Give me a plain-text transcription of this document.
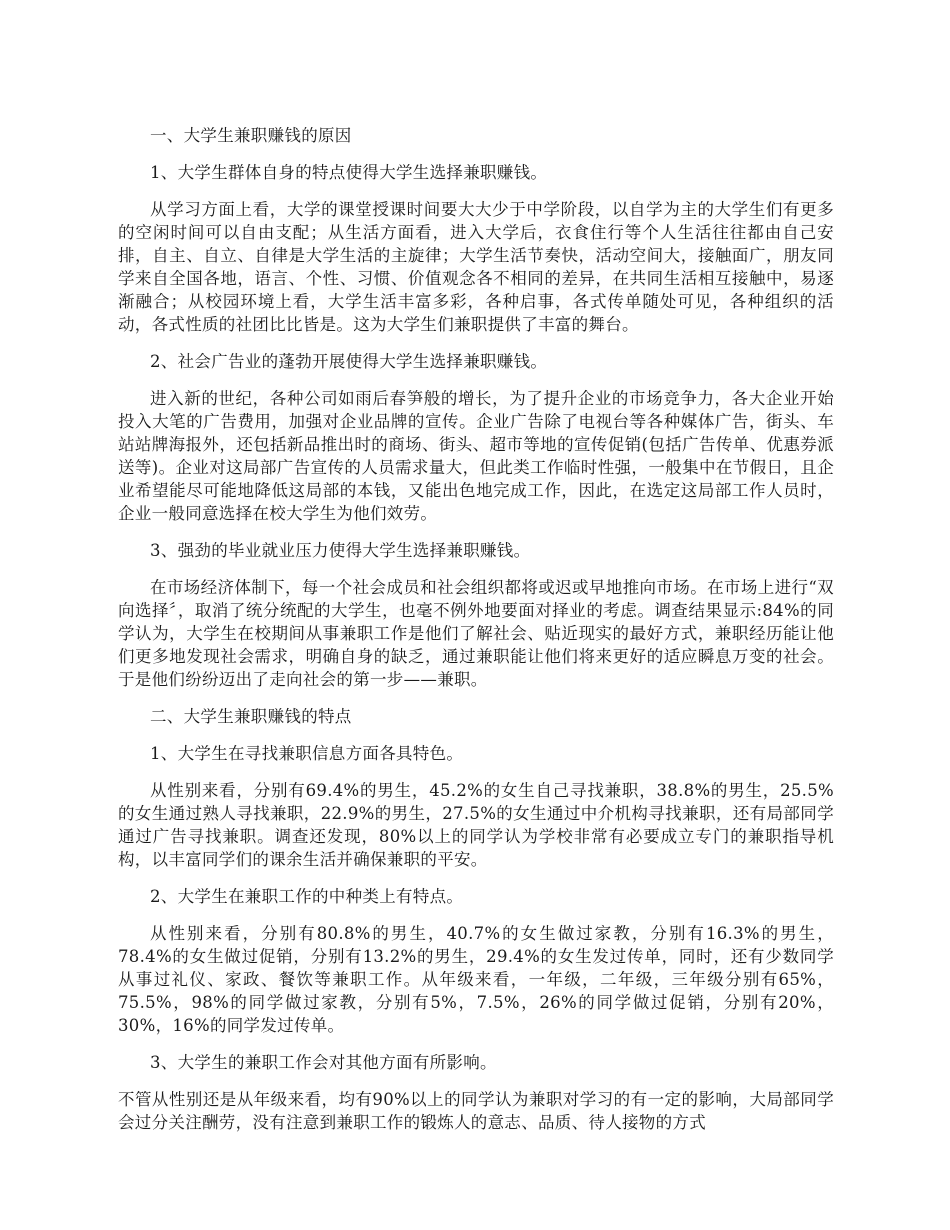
一、大学生兼职赚钱的原因

1、大学生群体自身的特点使得大学生选择兼职赚钱。

从学习方面上看，大学的课堂授课时间要大大少于中学阶段，以自学为主的大学生们有更多的空闲时间可以自由支配；从生活方面看，进入大学后，衣食住行等个人生活往往都由自己安排，自主、自立、自律是大学生活的主旋律；大学生活节奏快，活动空间大，接触面广，朋友同学来自全国各地，语言、个性、习惯、价值观念各不相同的差异，在共同生活相互接触中，易逐渐融合；从校园环境上看，大学生活丰富多彩，各种启事，各式传单随处可见，各种组织的活动，各式性质的社团比比皆是。这为大学生们兼职提供了丰富的舞台。

2、社会广告业的蓬勃开展使得大学生选择兼职赚钱。

进入新的世纪，各种公司如雨后春笋般的增长，为了提升企业的市场竞争力，各大企业开始投入大笔的广告费用，加强对企业品牌的宣传。企业广告除了电视台等各种媒体广告，街头、车站站牌海报外，还包括新品推出时的商场、街头、超市等地的宣传促销(包括广告传单、优惠券派送等)。企业对这局部广告宣传的人员需求量大，但此类工作临时性强，一般集中在节假日，且企业希望能尽可能地降低这局部的本钱，又能出色地完成工作，因此，在选定这局部工作人员时，企业一般同意选择在校大学生为他们效劳。

3、强劲的毕业就业压力使得大学生选择兼职赚钱。

在市场经济体制下，每一个社会成员和社会组织都将或迟或早地推向市场。在市场上进行“双向选择〞，取消了统分统配的大学生，也毫不例外地要面对择业的考虑。调查结果显示:84%的同学认为，大学生在校期间从事兼职工作是他们了解社会、贴近现实的最好方式，兼职经历能让他们更多地发现社会需求，明确自身的缺乏，通过兼职能让他们将来更好的适应瞬息万变的社会。于是他们纷纷迈出了走向社会的第一步——兼职。

二、大学生兼职赚钱的特点

1、大学生在寻找兼职信息方面各具特色。

从性别来看，分别有69.4%的男生，45.2%的女生自己寻找兼职，38.8%的男生，25.5%的女生通过熟人寻找兼职，22.9%的男生，27.5%的女生通过中介机构寻找兼职，还有局部同学通过广告寻找兼职。调查还发现，80%以上的同学认为学校非常有必要成立专门的兼职指导机构，以丰富同学们的课余生活并确保兼职的平安。

2、大学生在兼职工作的中种类上有特点。

从性别来看，分别有80.8%的男生，40.7%的女生做过家教，分别有16.3%的男生，78.4%的女生做过促销，分别有13.2%的男生，29.4%的女生发过传单，同时，还有少数同学从事过礼仪、家政、餐饮等兼职工作。从年级来看，一年级，二年级，三年级分别有65%，75.5%，98%的同学做过家教，分别有5%，7.5%，26%的同学做过促销，分别有20%，30%，16%的同学发过传单。

3、大学生的兼职工作会对其他方面有所影响。

不管从性别还是从年级来看，均有90%以上的同学认为兼职对学习的有一定的影响，大局部同学会过分关注酬劳，没有注意到兼职工作的锻炼人的意志、品质、待人接物的方式
